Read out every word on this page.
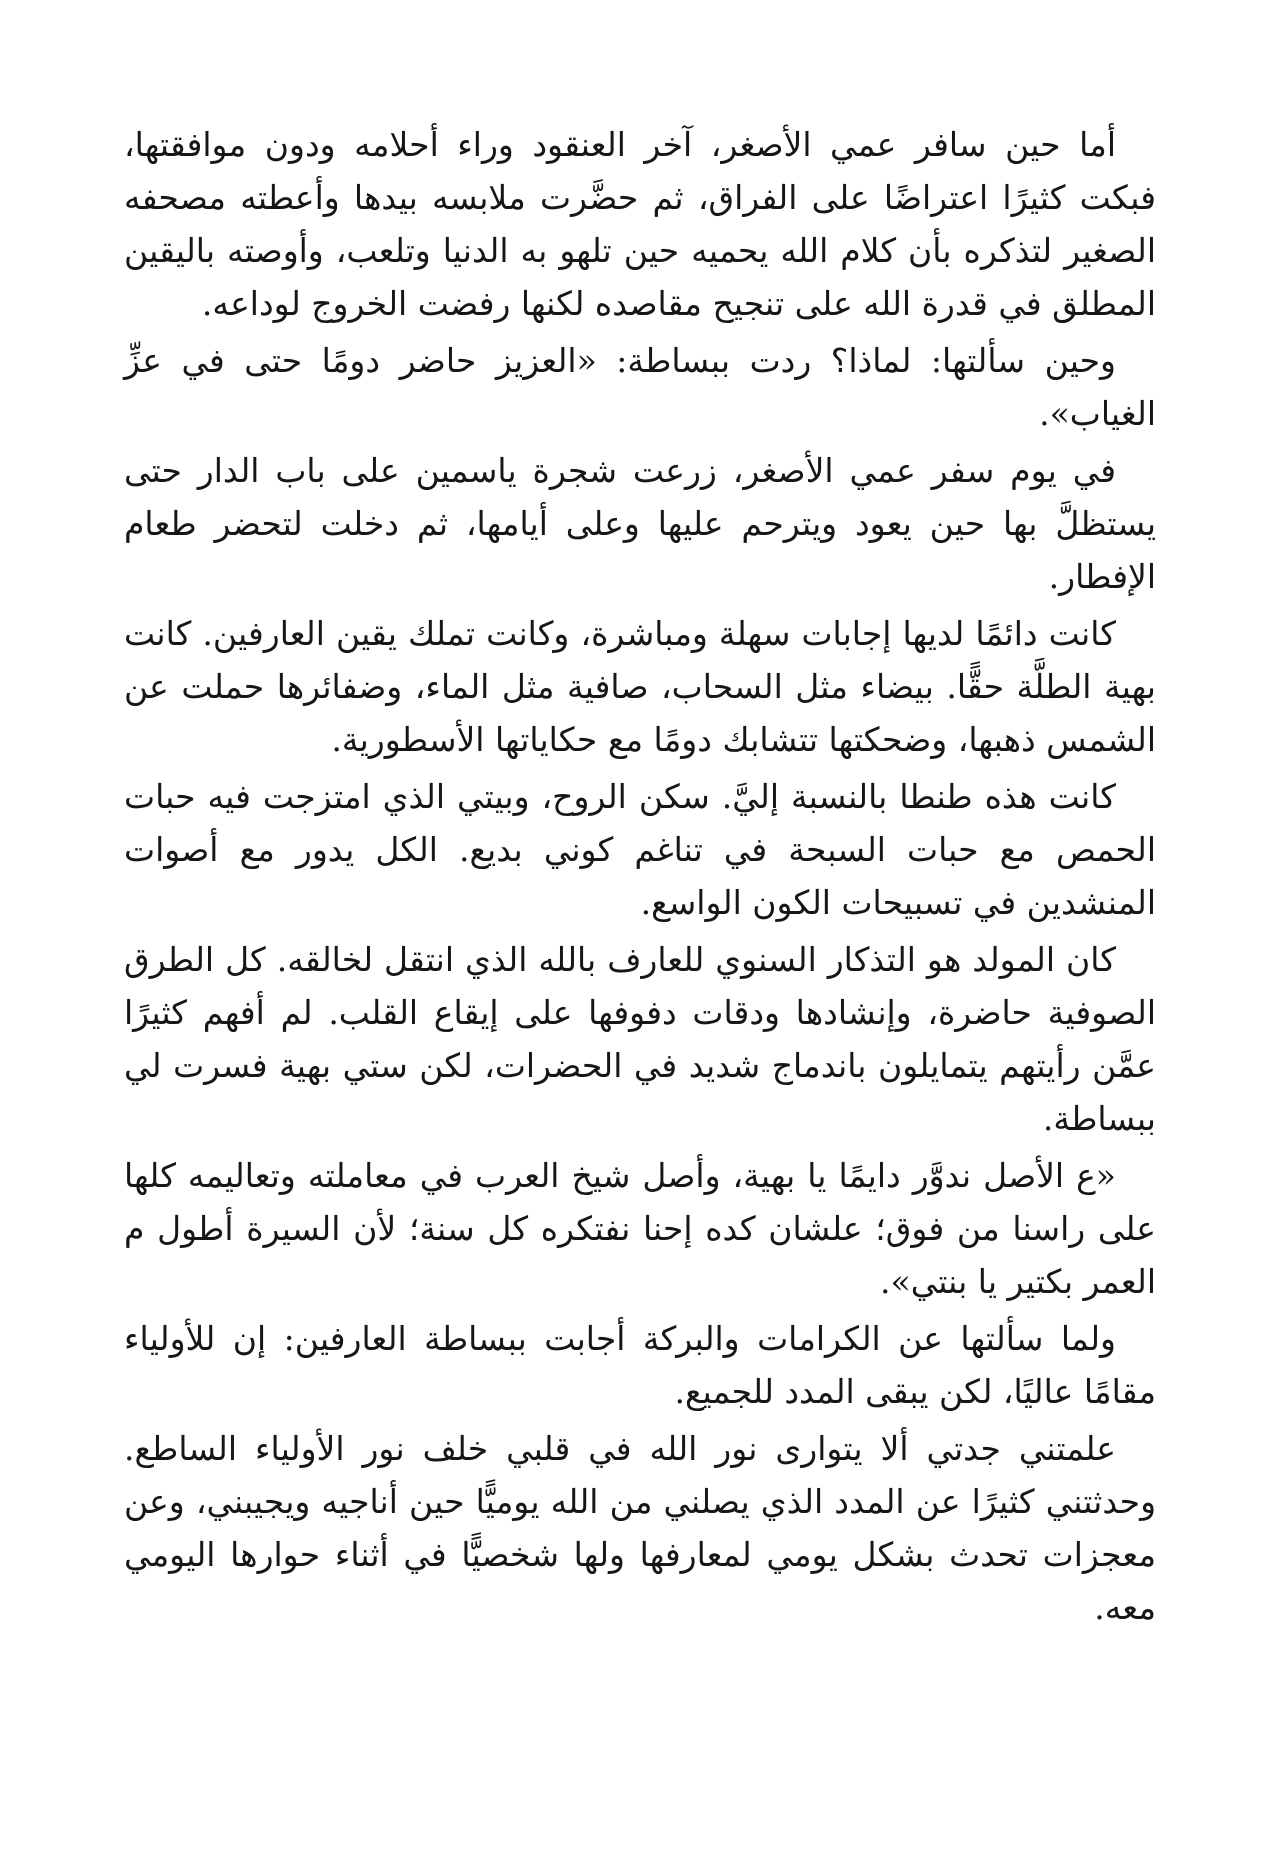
أما حين سافر عمي الأصغر، آخر العنقود وراء أحلامه ودون موافقتها، فبكت كثيرًا اعتراضًا على الفراق، ثم حضَّرت ملابسه بيدها وأعطته مصحفه الصغير لتذكره بأن كلام الله يحميه حين تلهو به الدنيا وتلعب، وأوصته باليقين المطلق في قدرة الله على تنجيح مقاصده لكنها رفضت الخروج لوداعه.

وحين سألتها: لماذا؟ ردت ببساطة: «العزيز حاضر دومًا حتى في عزِّ الغياب».

في يوم سفر عمي الأصغر، زرعت شجرة ياسمين على باب الدار حتى يستظلَّ بها حين يعود ويترحم عليها وعلى أيامها، ثم دخلت لتحضر طعام الإفطار.

كانت دائمًا لديها إجابات سهلة ومباشرة، وكانت تملك يقين العارفين. كانت بهية الطلَّة حقًّا. بيضاء مثل السحاب، صافية مثل الماء، وضفائرها حملت عن الشمس ذهبها، وضحكتها تتشابك دومًا مع حكاياتها الأسطورية.

كانت هذه طنطا بالنسبة إليَّ. سكن الروح، وبيتي الذي امتزجت فيه حبات الحمص مع حبات السبحة في تناغم كوني بديع. الكل يدور مع أصوات المنشدين في تسبيحات الكون الواسع.

كان المولد هو التذكار السنوي للعارف بالله الذي انتقل لخالقه. كل الطرق الصوفية حاضرة، وإنشادها ودقات دفوفها على إيقاع القلب. لم أفهم كثيرًا عمَّن رأيتهم يتمايلون باندماج شديد في الحضرات، لكن ستي بهية فسرت لي ببساطة.

«ع الأصل ندوَّر دايمًا يا بهية، وأصل شيخ العرب في معاملته وتعاليمه كلها على راسنا من فوق؛ علشان كده إحنا نفتكره كل سنة؛ لأن السيرة أطول م العمر بكتير يا بنتي».

ولما سألتها عن الكرامات والبركة أجابت ببساطة العارفين: إن للأولياء مقامًا عاليًا، لكن يبقى المدد للجميع.

علمتني جدتي ألا يتوارى نور الله في قلبي خلف نور الأولياء الساطع. وحدثتني كثيرًا عن المدد الذي يصلني من الله يوميًّا حين أناجيه ويجيبني، وعن معجزات تحدث بشكل يومي لمعارفها ولها شخصيًّا في أثناء حوارها اليومي معه.
